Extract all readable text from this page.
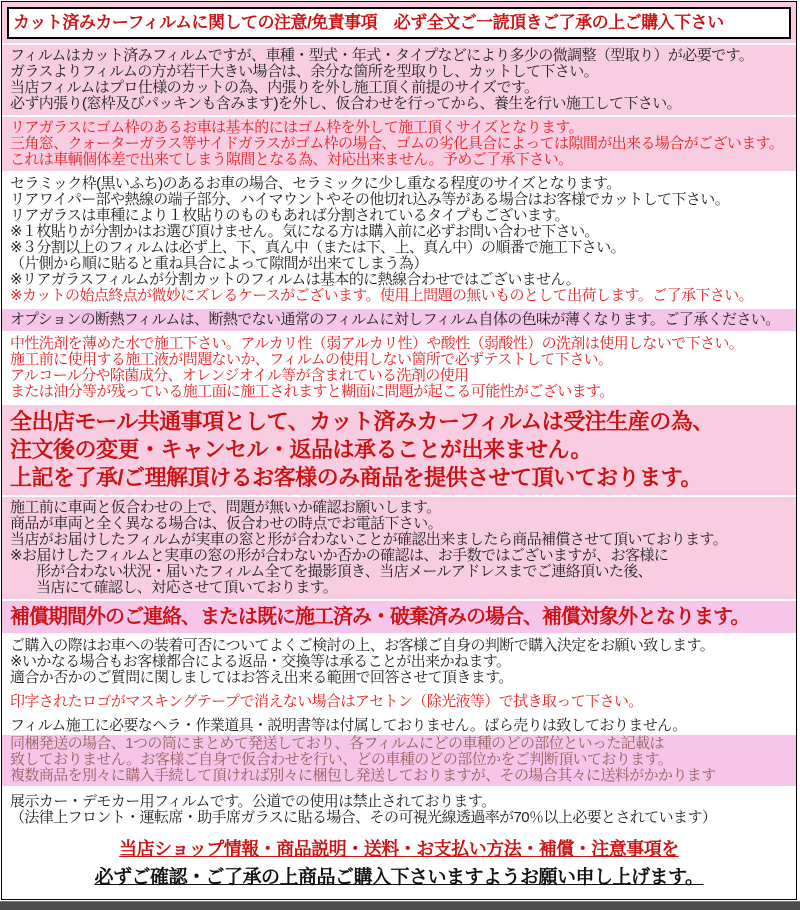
カット済みカーフィルムに関しての注意/免責事項　必ず全文ご一読頂きご了承の上ご購入下さい
フィルムはカット済みフィルムですが、車種・型式・年式・タイプなどにより多少の微調整（型取り）が必要です。
ガラスよりフィルムの方が若干大きい場合は、余分な箇所を型取りし、カットして下さい。
当店フィルムはプロ仕様のカットの為、内張りを外し施工頂く前提のサイズです。
必ず内張り(窓枠及びパッキンも含みます)を外し、仮合わせを行ってから、養生を行い施工して下さい。
リアガラスにゴム枠のあるお車は基本的にはゴム枠を外して施工頂くサイズとなります。
三角窓、クォーターガラス等サイドガラスがゴム枠の場合、ゴムの劣化具合によっては隙間が出来る場合がございます。
これは車輌個体差で出来てしまう隙間となる為、対応出来ません。予めご了承下さい。
セラミック枠(黒いふち)のあるお車の場合、セラミックに少し重なる程度のサイズとなります。
リアワイパー部や熱線の端子部分、ハイマウントやその他切れ込み等がある場合はお客様でカットして下さい。
リアガラスは車種により１枚貼りのものもあれば分割されているタイプもございます。
※１枚貼りが分割かはお選び頂けません。気になる方は購入前に必ずお問い合わせ下さい。
※３分割以上のフィルムは必ず上、下、真ん中（または下、上、真ん中）の順番で施工下さい。
（片側から順に貼ると重ね具合によって隙間が出来てしまう為）
※リアガラスフィルムが分割カットのフィルムは基本的に熱線合わせではございません。
※カットの始点終点が微妙にズレるケースがございます。使用上問題の無いものとして出荷します。ご了承下さい。
オプションの断熱フィルムは、断熱でない通常のフィルムに対しフィルム自体の色味が薄くなります。ご了承ください。
中性洗剤を薄めた水で施工下さい。アルカリ性（弱アルカリ性）や酸性（弱酸性）の洗剤は使用しないで下さい。
施工前に使用する施工液が問題ないか、フィルムの使用しない箇所で必ずテストして下さい。
アルコール分や除菌成分、オレンジオイル等が含まれている洗剤の使用
または油分等が残っている施工面に施工されますと糊面に問題が起こる可能性がございます。
全出店モール共通事項として、カット済みカーフィルムは受注生産の為、
注文後の変更・キャンセル・返品は承ることが出来ません。
上記を了承/ご理解頂けるお客様のみ商品を提供させて頂いております。
施工前に車両と仮合わせの上で、問題が無いか確認お願いします。
商品が車両と全く異なる場合は、仮合わせの時点でお電話下さい。
当店がお届けしたフィルムが実車の窓と形が合わないことが確認出来ましたら商品補償させて頂いております。
※お届けしたフィルムと実車の窓の形が合わないか否かの確認は、お手数ではございますが、お客様に
形が合わない状況・届いたフィルム全てを撮影頂き、当店メールアドレスまでご連絡頂いた後、
当店にて確認し、対応させて頂いております。
補償期間外のご連絡、または既に施工済み・破棄済みの場合、補償対象外となります。
ご購入の際はお車への装着可否についてよくご検討の上、お客様ご自身の判断で購入決定をお願い致します。
※いかなる場合もお客様都合による返品・交換等は承ることが出来かねます。
適合か否かのご質問に関しましてはお答え出来る範囲で回答させて頂きます。
印字されたロゴがマスキングテープで消えない場合はアセトン（除光液等）で拭き取って下さい。
フィルム施工に必要なヘラ・作業道具・説明書等は付属しておりません。ばら売りは致しておりません。
同梱発送の場合、1つの筒にまとめて発送しており、各フィルムにどの車種のどの部位といった記載は
致しておりません。お客様ご自身で仮合わせを行い、どの車種のどの部位かをご判断頂いております。
複数商品を別々に購入手続して頂ければ別々に梱包し発送しておりますが、その場合其々に送料がかかります
展示カー・デモカー用フィルムです。公道での使用は禁止されております。
（法律上フロント・運転席・助手席ガラスに貼る場合、その可視光線透過率が70％以上必要とされています）
当店ショップ情報・商品説明・送料・お支払い方法・補償・注意事項を
必ずご確認・ご了承の上商品ご購入下さいますようお願い申し上げます。
